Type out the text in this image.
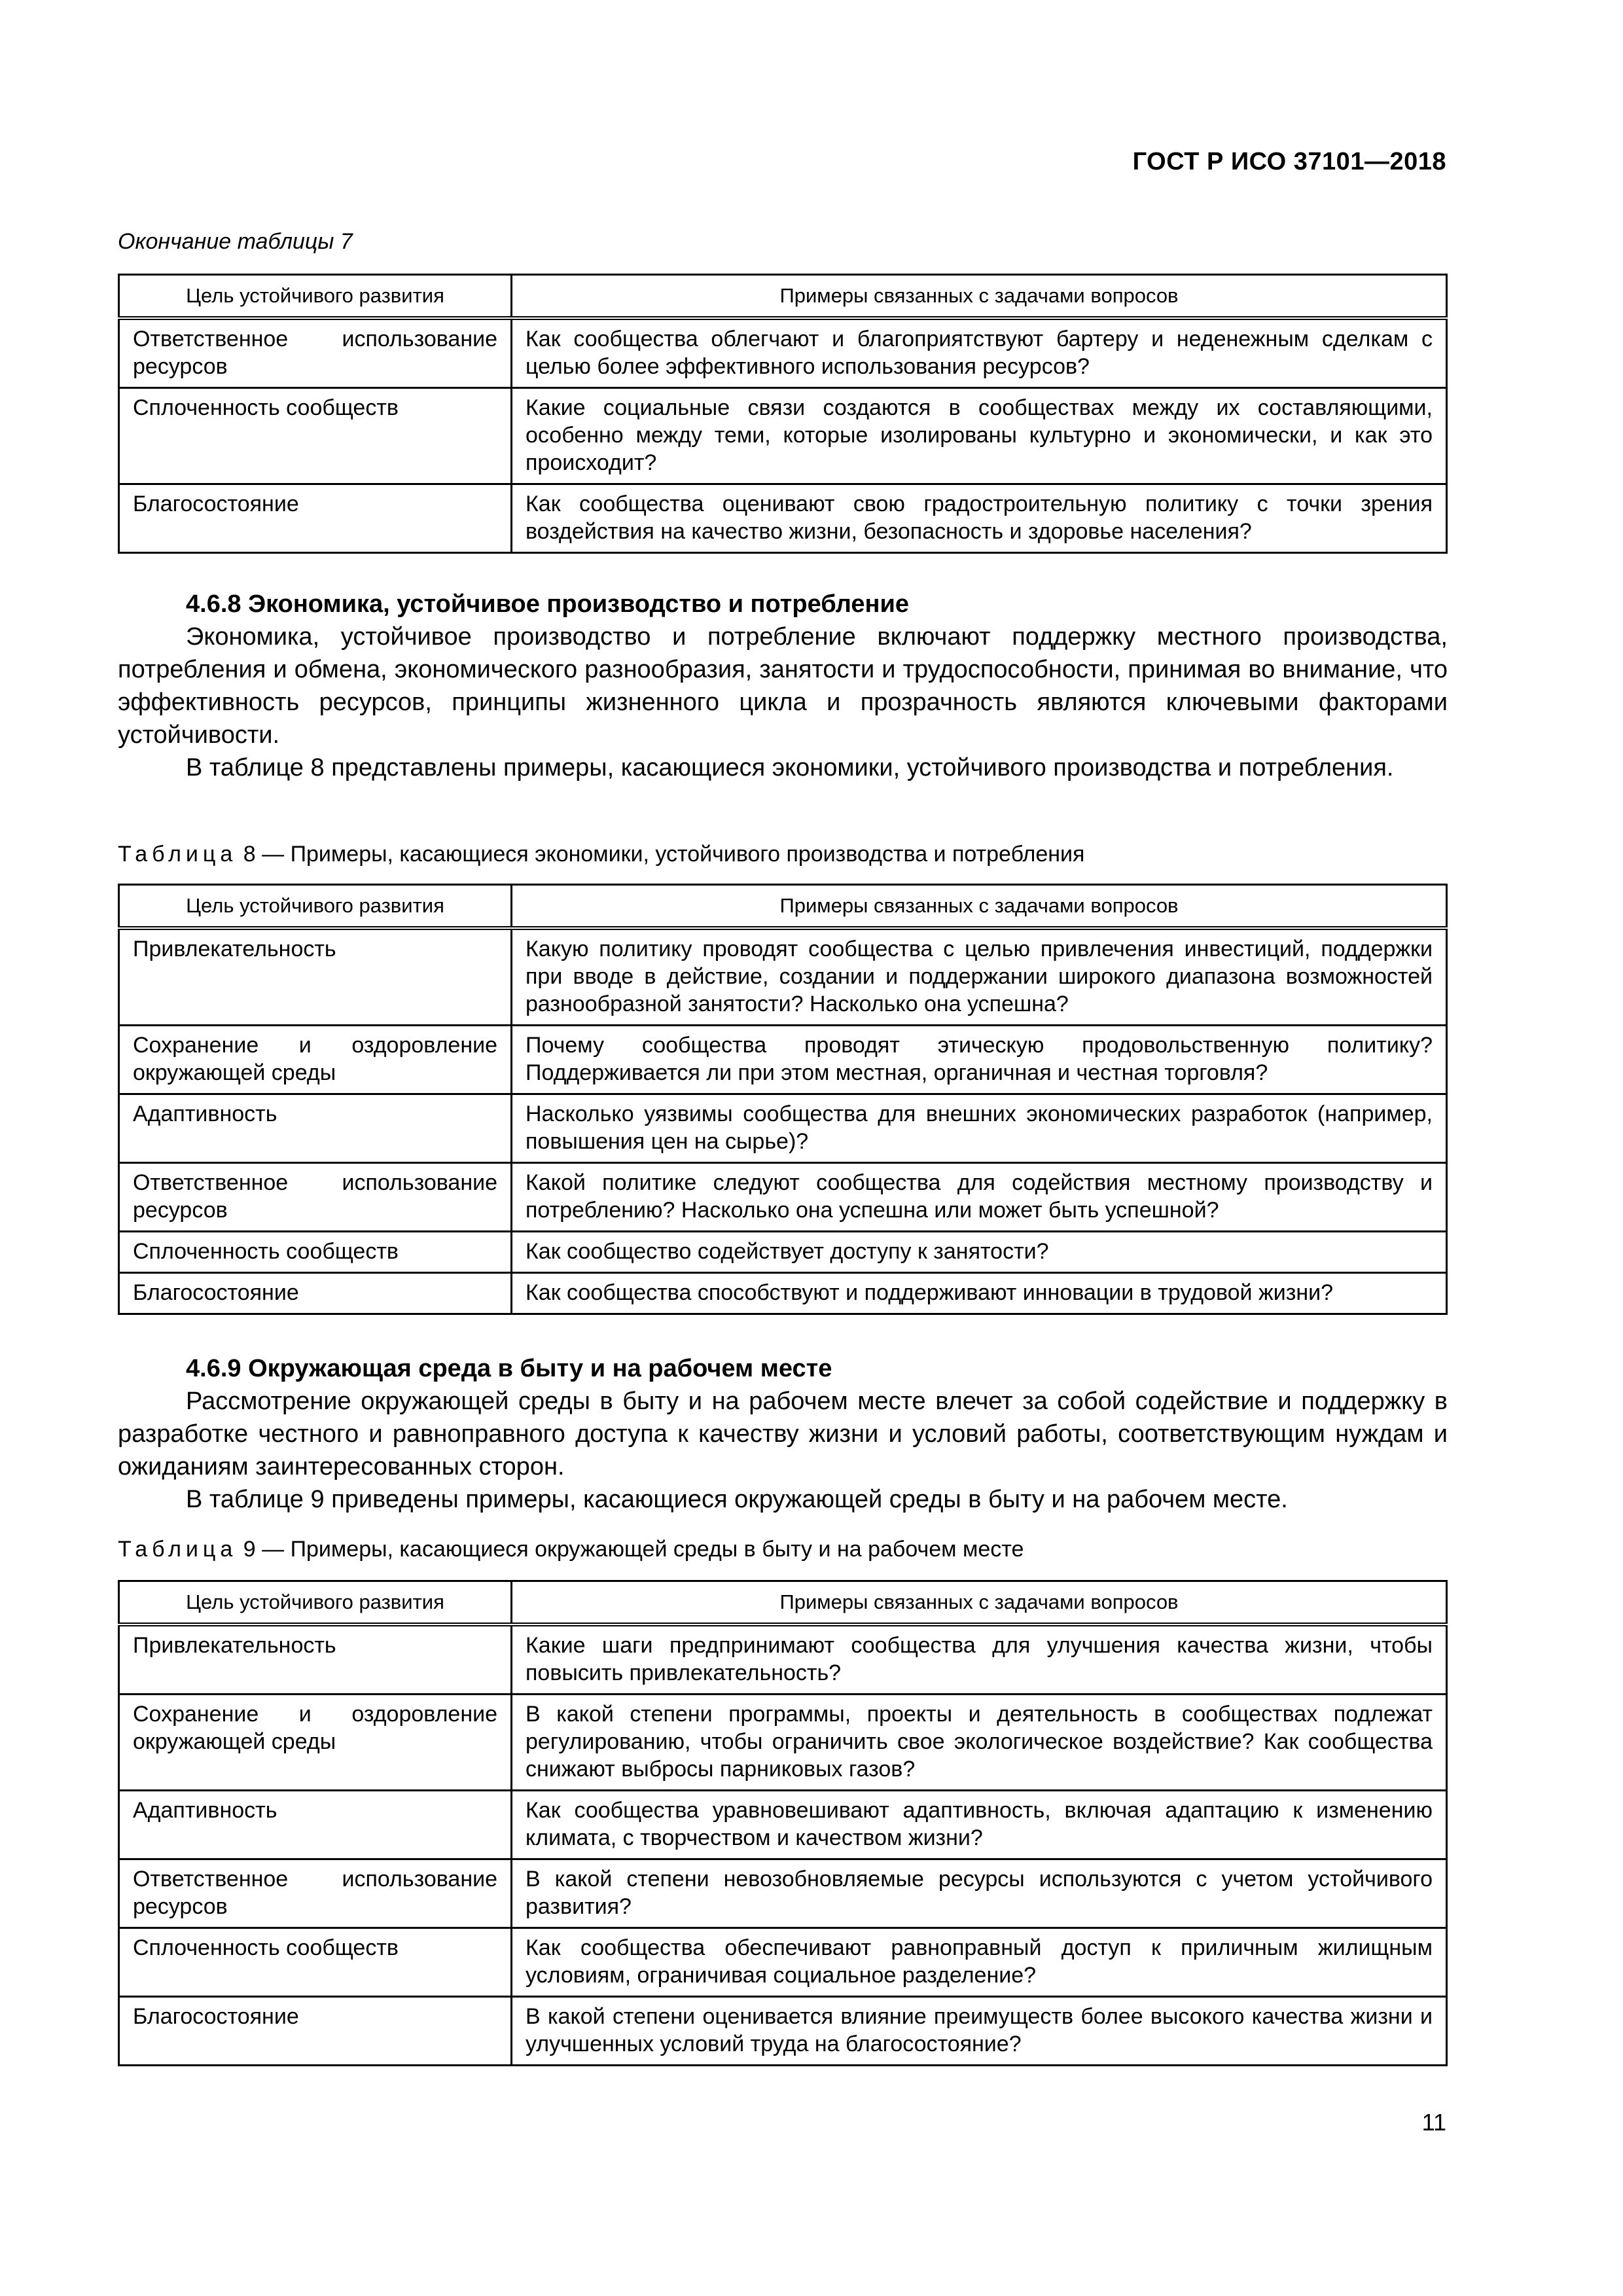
ГОСТ Р ИСО 37101—2018
Окончание таблицы 7
Цель устойчивого развития	Примеры связанных с задачами вопросов
Ответственное использование ресурсов	Как сообщества облегчают и благоприятствуют бартеру и неденежным сделкам с целью более эффективного использования ресурсов?
Сплоченность сообществ	Какие социальные связи создаются в сообществах между их составляющими, особенно между теми, которые изолированы культурно и экономически, и как это происходит?
Благосостояние	Как сообщества оценивают свою градостроительную политику с точки зрения воздействия на качество жизни, безопасность и здоровье населения?
4.6.8 Экономика, устойчивое производство и потребление

Экономика, устойчивое производство и потребление включают поддержку местного производства, потребления и обмена, экономического разнообразия, занятости и трудоспособности, принимая во внимание, что эффективность ресурсов, принципы жизненного цикла и прозрачность являются ключевыми факторами устойчивости.

В таблице 8 представлены примеры, касающиеся экономики, устойчивого производства и потребления.

Таблица 8 — Примеры, касающиеся экономики, устойчивого производства и потребления
Цель устойчивого развития	Примеры связанных с задачами вопросов
Привлекательность	Какую политику проводят сообщества с целью привлечения инвестиций, поддержки при вводе в действие, создании и поддержании широкого диапазона возможностей разнообразной занятости? Насколько она успешна?
Сохранение и оздоровление окружающей среды	Почему сообщества проводят этическую продовольственную политику? Поддерживается ли при этом местная, органичная и честная торговля?
Адаптивность	Насколько уязвимы сообщества для внешних экономических разработок (например, повышения цен на сырье)?
Ответственное использование ресурсов	Какой политике следуют сообщества для содействия местному производству и потреблению? Насколько она успешна или может быть успешной?
Сплоченность сообществ	Как сообщество содействует доступу к занятости?
Благосостояние	Как сообщества способствуют и поддерживают инновации в трудовой жизни?
4.6.9 Окружающая среда в быту и на рабочем месте

Рассмотрение окружающей среды в быту и на рабочем месте влечет за собой содействие и поддержку в разработке честного и равноправного доступа к качеству жизни и условий работы, соответствующим нуждам и ожиданиям заинтересованных сторон.

В таблице 9 приведены примеры, касающиеся окружающей среды в быту и на рабочем месте.

Таблица 9 — Примеры, касающиеся окружающей среды в быту и на рабочем месте
Цель устойчивого развития	Примеры связанных с задачами вопросов
Привлекательность	Какие шаги предпринимают сообщества для улучшения качества жизни, чтобы повысить привлекательность?
Сохранение и оздоровление окружающей среды	В какой степени программы, проекты и деятельность в сообществах подлежат регулированию, чтобы ограничить свое экологическое воздействие? Как сообщества снижают выбросы парниковых газов?
Адаптивность	Как сообщества уравновешивают адаптивность, включая адаптацию к изменению климата, с творчеством и качеством жизни?
Ответственное использование ресурсов	В какой степени невозобновляемые ресурсы используются с учетом устойчивого развития?
Сплоченность сообществ	Как сообщества обеспечивают равноправный доступ к приличным жилищным условиям, ограничивая социальное разделение?
Благосостояние	В какой степени оценивается влияние преимуществ более высокого качества жизни и улучшенных условий труда на благосостояние?
11
